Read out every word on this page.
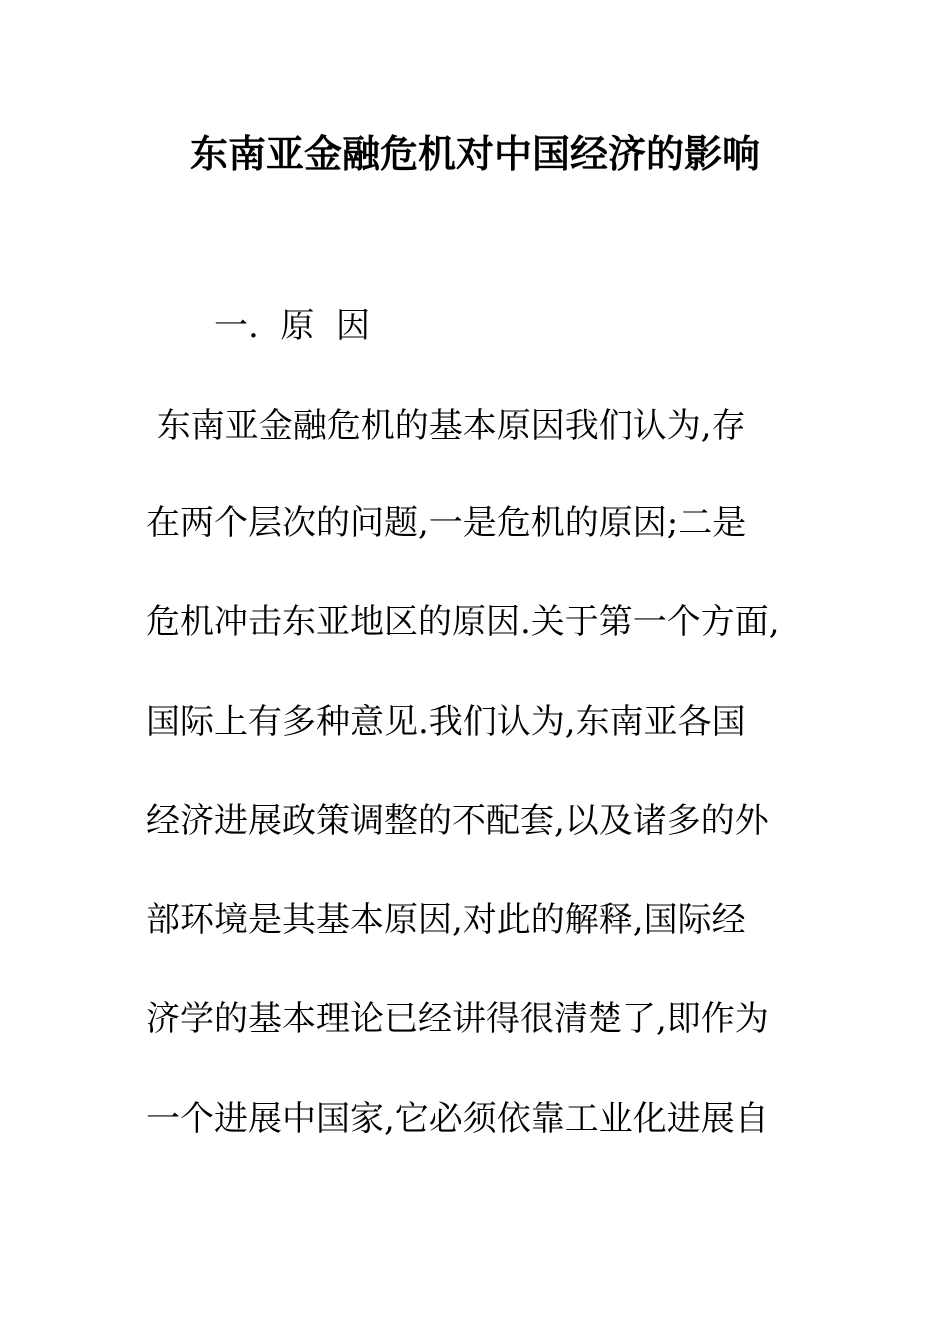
东南亚金融危机对中国经济的影响

一.  原  因

东南亚金融危机的基本原因我们认为,存

在两个层次的问题,一是危机的原因;二是

危机冲击东亚地区的原因.关于第一个方面,

国际上有多种意见.我们认为,东南亚各国

经济进展政策调整的不配套,以及诸多的外

部环境是其基本原因,对此的解释,国际经

济学的基本理论已经讲得很清楚了,即作为

一个进展中国家,它必须依靠工业化进展自
